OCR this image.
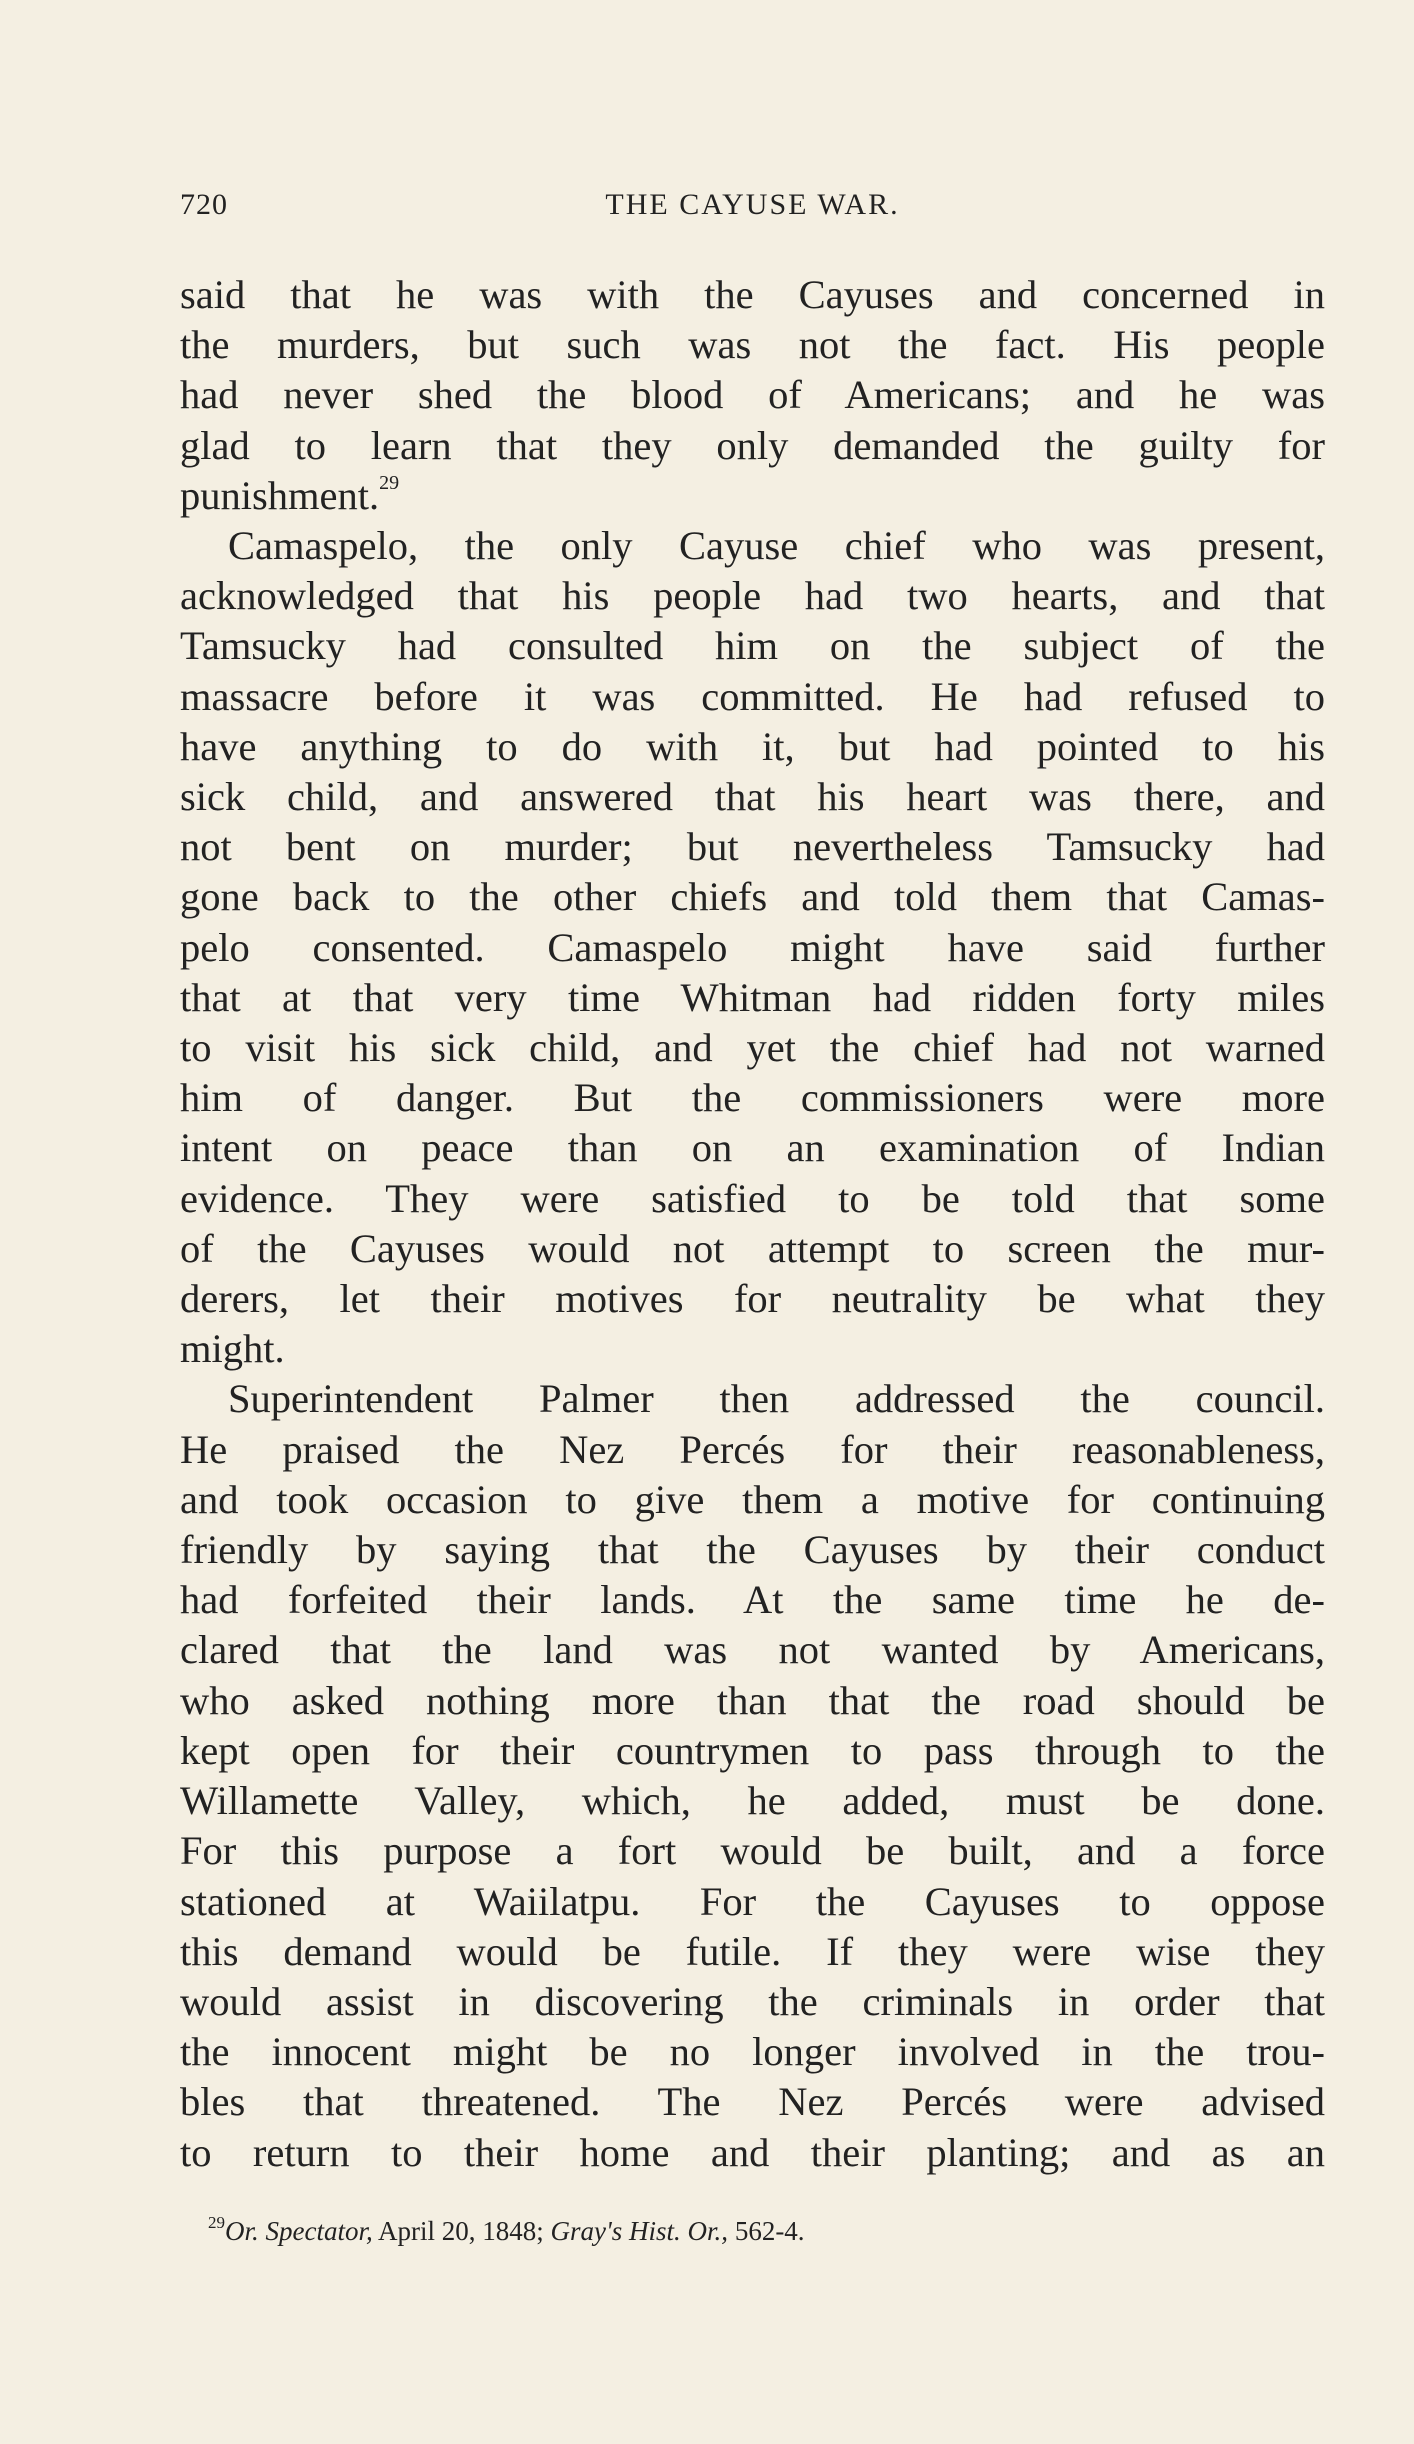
720	THE CAYUSE WAR.
said that he was with the Cayuses and concerned in
the murders, but such was not the fact. His people
had never shed the blood of Americans; and he was
glad to learn that they only demanded the guilty for
punishment.$^{29}$
Camaspelo, the only Cayuse chief who was present,
acknowledged that his people had two hearts, and that
Tamsucky had consulted him on the subject of the
massacre before it was committed. He had refused to
have anything to do with it, but had pointed to his
sick child, and answered that his heart was there, and
not bent on murder; but nevertheless Tamsucky had
gone back to the other chiefs and told them that Camas-
pelo consented. Camaspelo might have said further
that at that very time Whitman had ridden forty miles
to visit his sick child, and yet the chief had not warned
him of danger. But the commissioners were more
intent on peace than on an examination of Indian
evidence. They were satisfied to be told that some
of the Cayuses would not attempt to screen the mur-
derers, let their motives for neutrality be what they
might.
Superintendent Palmer then addressed the council.
He praised the Nez Percés for their reasonableness,
and took occasion to give them a motive for continuing
friendly by saying that the Cayuses by their conduct
had forfeited their lands. At the same time he de-
clared that the land was not wanted by Americans,
who asked nothing more than that the road should be
kept open for their countrymen to pass through to the
Willamette Valley, which, he added, must be done.
For this purpose a fort would be built, and a force
stationed at Waiilatpu. For the Cayuses to oppose
this demand would be futile. If they were wise they
would assist in discovering the criminals in order that
the innocent might be no longer involved in the trou-
bles that threatened. The Nez Percés were advised
to return to their home and their planting; and as an
$^{29}$Or. Spectator, April 20, 1848; Gray's Hist. Or., 562-4.
